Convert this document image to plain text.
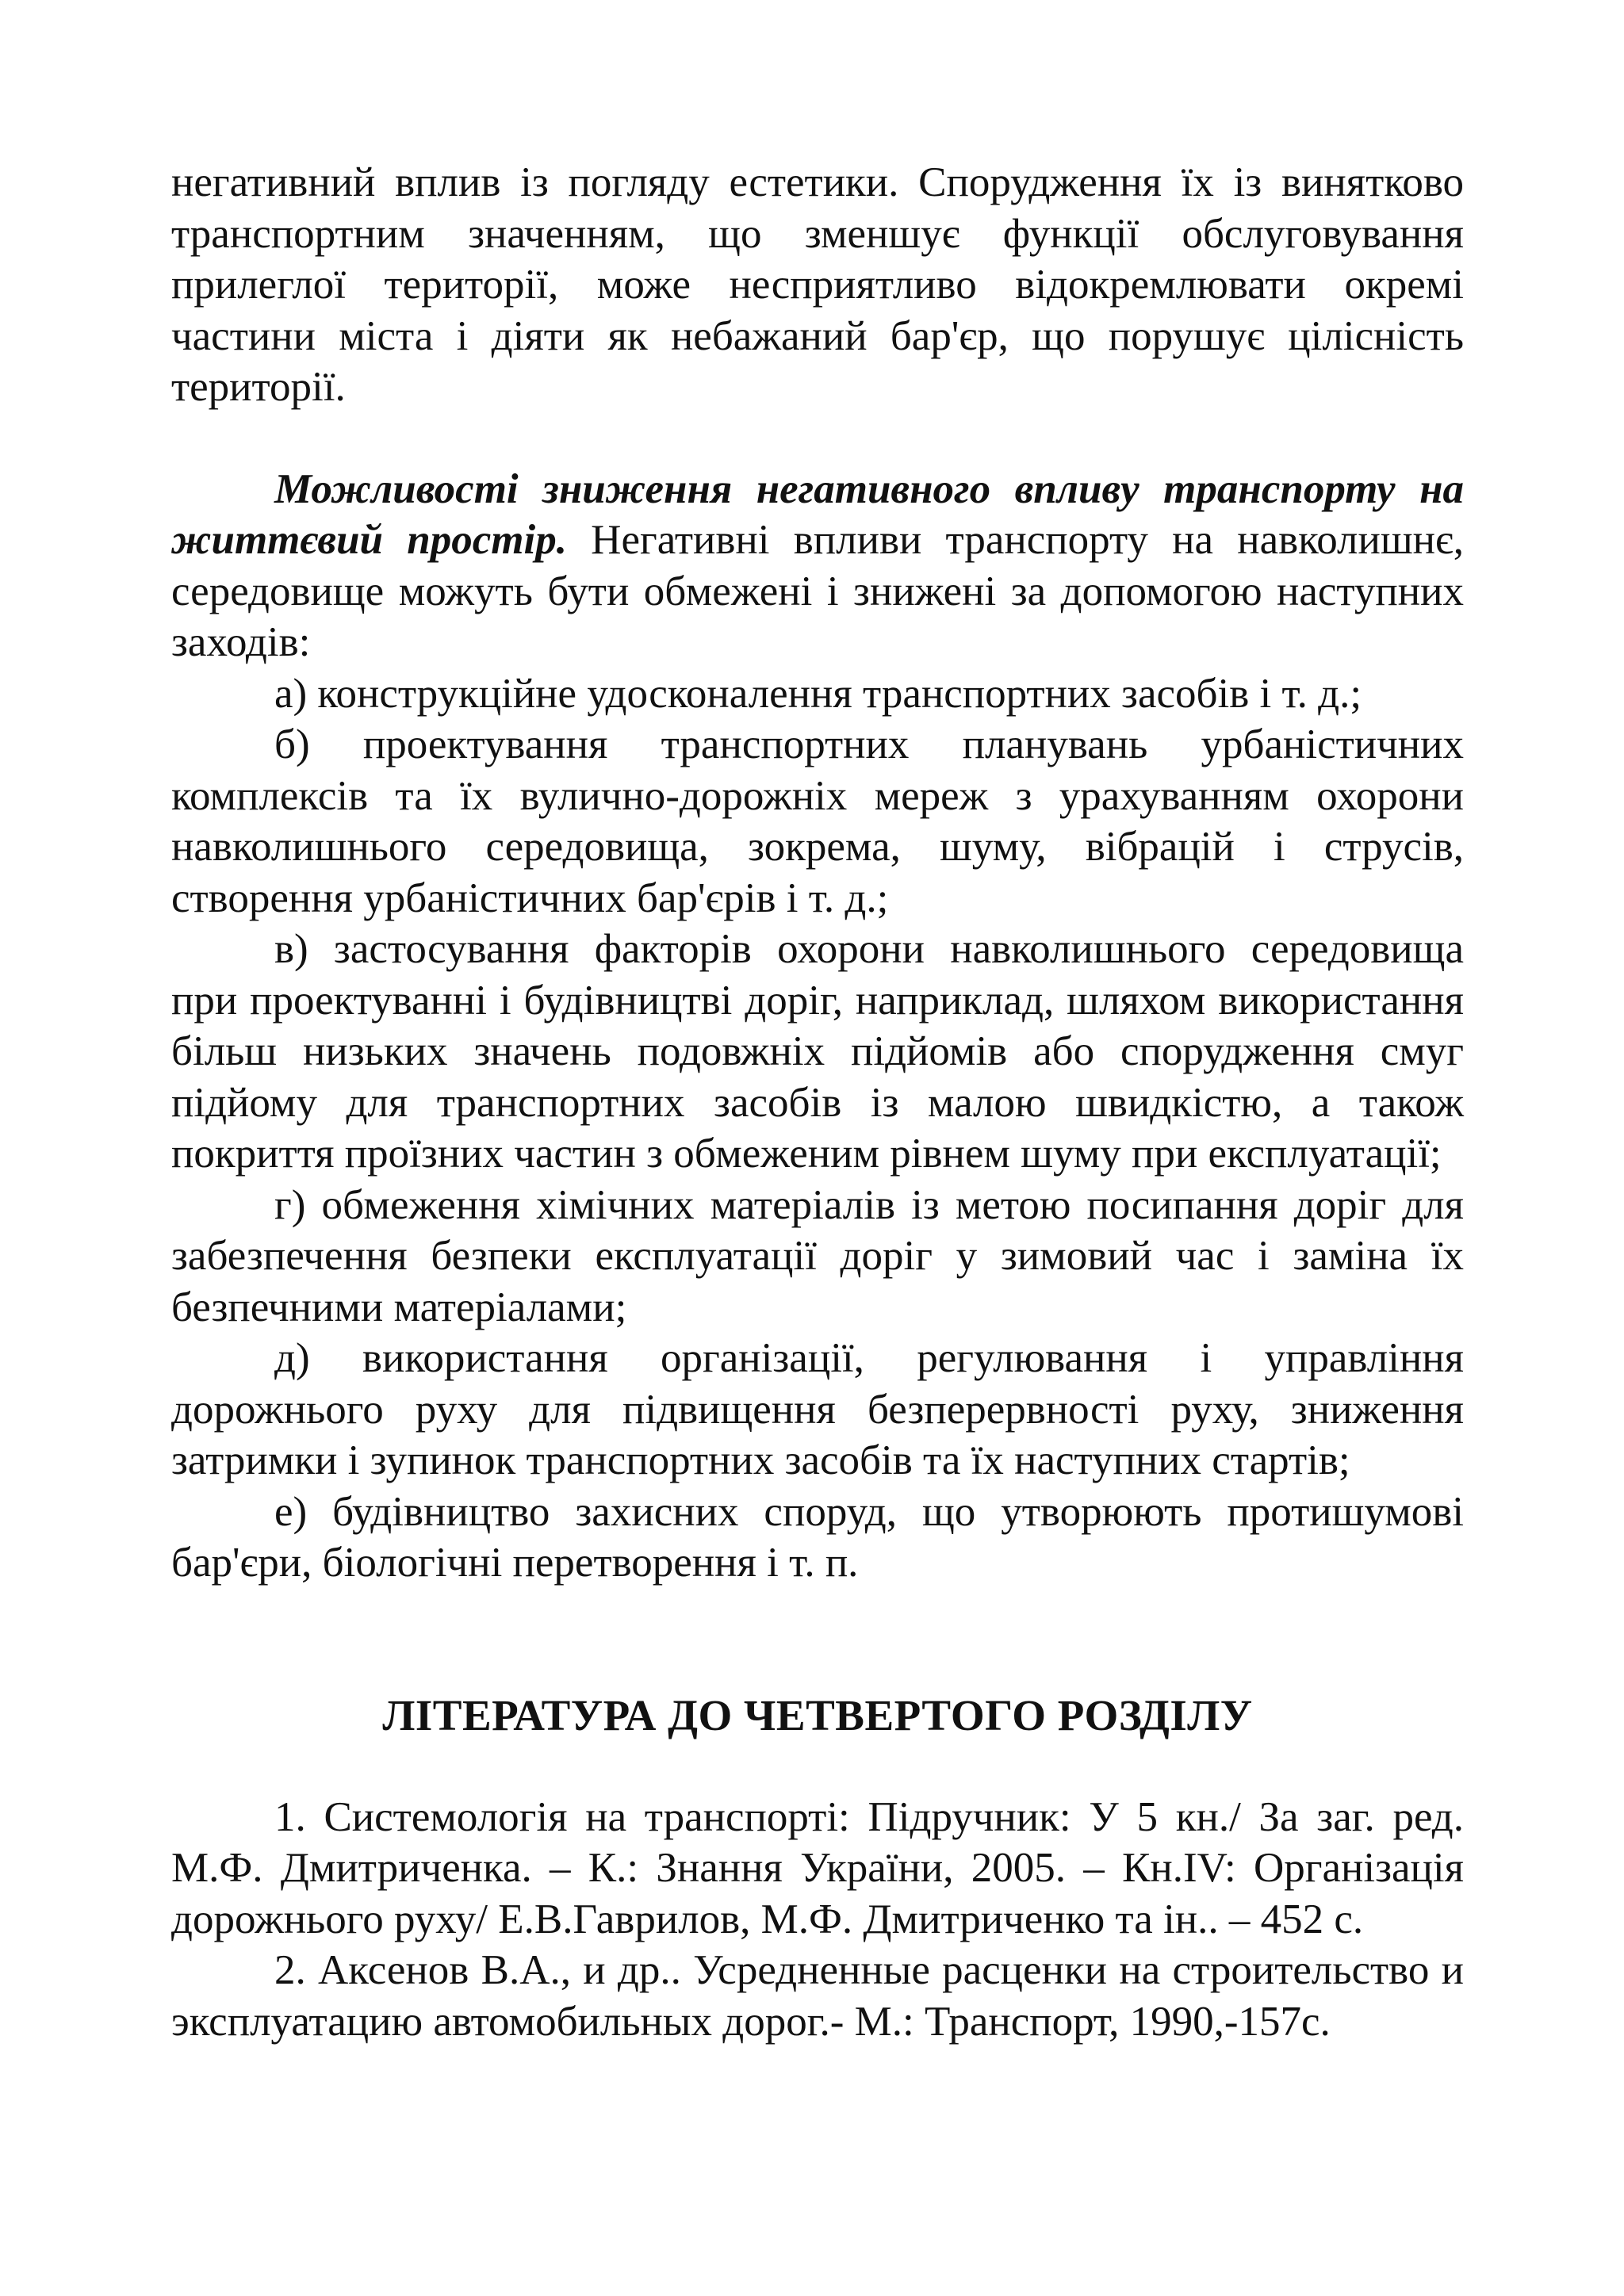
негативний вплив із погляду естетики. Спорудження їх із винятково транспортним значенням, що зменшує функції обслуговування прилеглої території, може несприятливо відокремлювати окремі частини міста і діяти як небажаний бар'єр, що порушує цілісність території.

Можливості зниження негативного впливу транспорту на життєвий простір. Негативні впливи транспорту на навколишнє, середовище можуть бути обмежені і знижені за допомогою наступних заходів:

а) конструкційне удосконалення транспортних засобів і т. д.;

б) проектування транспортних планувань урбаністичних комплексів та їх вулично-дорожніх мереж з урахуванням охорони навколишнього середовища, зокрема, шуму, вібрацій і струсів, створення урбаністичних бар'єрів і т. д.;

в) застосування факторів охорони навколишнього середовища при проектуванні і будівництві доріг, наприклад, шляхом використання більш низьких значень подовжніх підйомів або спорудження смуг підйому для транспортних засобів із малою швидкістю, а також покриття проїзних частин з обмеженим рівнем шуму при експлуатації;

г) обмеження хімічних матеріалів із метою посипання доріг для забезпечення безпеки експлуатації доріг у зимовий час і заміна їх безпечними матеріалами;

д) використання організації, регулювання і управління дорожнього руху для підвищення безперервності руху, зниження затримки і зупинок транспортних засобів та їх наступних стартів;

е) будівництво захисних споруд, що утворюють протишумові бар'єри, біологічні перетворення і т. п.

ЛІТЕРАТУРА ДО ЧЕТВЕРТОГО РОЗДІЛУ

1. Системологія на транспорті: Підручник: У 5 кн./ За заг. ред. М.Ф. Дмитриченка. – К.: Знання України, 2005. – Кн.IV: Організація дорожнього руху/ Е.В.Гаврилов, М.Ф. Дмитриченко та ін.. – 452 с.

2. Аксенов В.А., и др.. Усредненные расценки на строительство и эксплуатацию автомобильных дорог.- М.: Транспорт, 1990,-157с.
